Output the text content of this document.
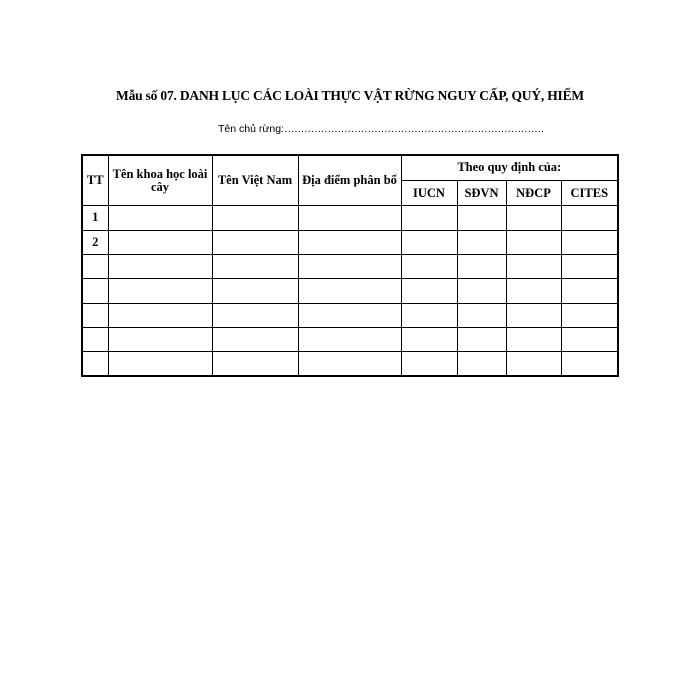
Mẫu số 07. DANH LỤC CÁC LOÀI THỰC VẬT RỪNG NGUY CẤP, QUÝ, HIẾM
Tên chủ rừng:……………………………………………………………………
TT	Tên khoa học loài cây	Tên Việt Nam	Địa điểm phân bố	Theo quy định của:			
				IUCN	SĐVN	NĐCP	CITES
1							
2							
